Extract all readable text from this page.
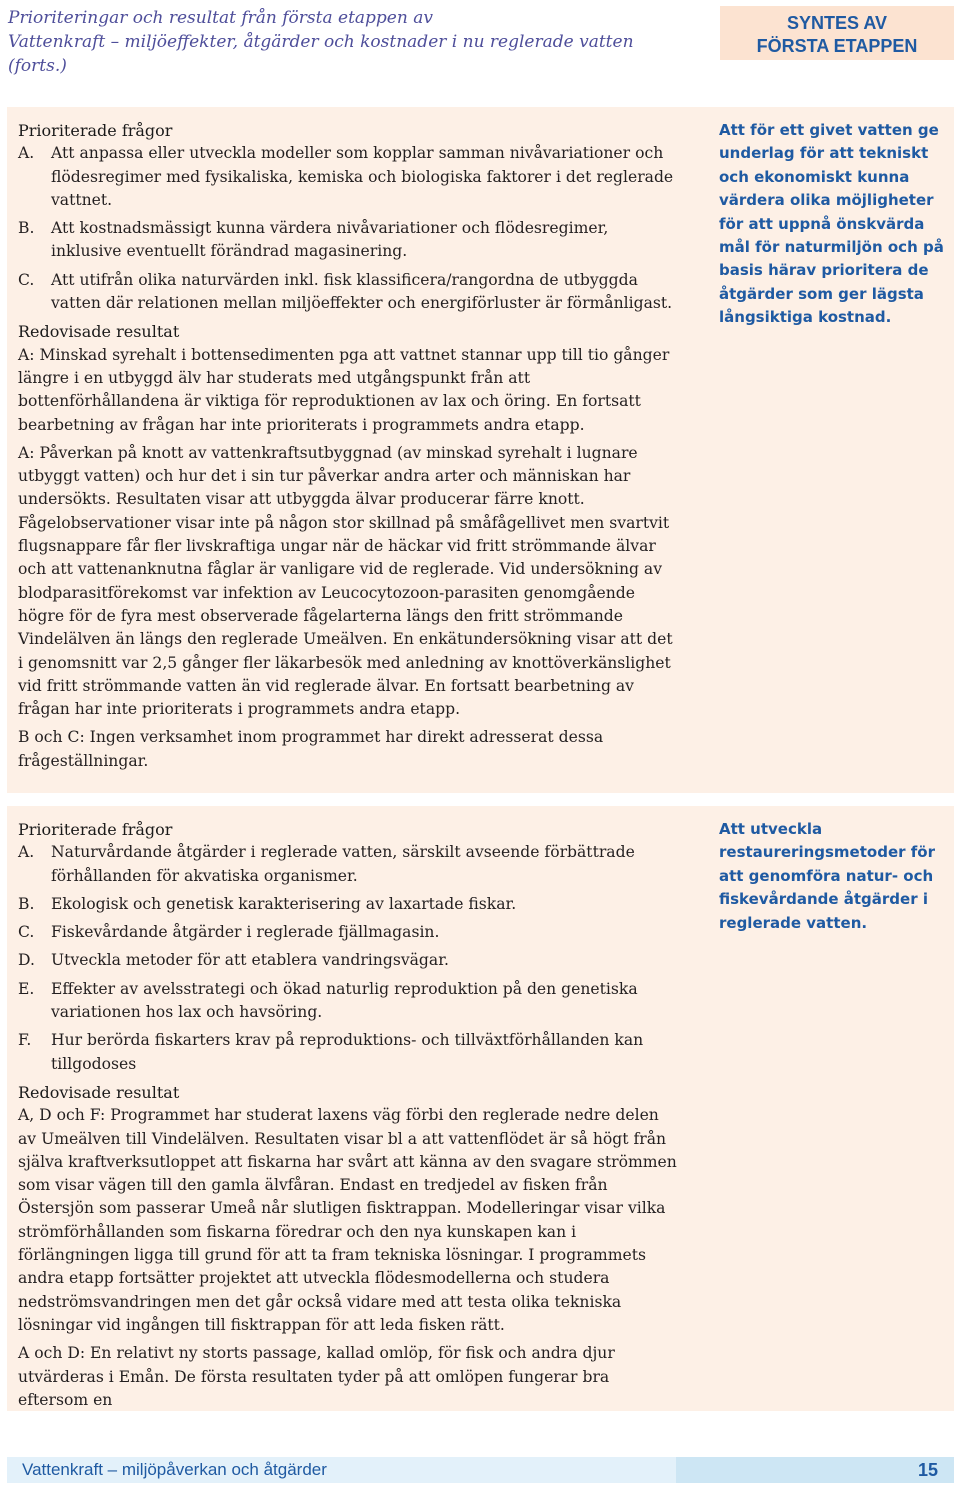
Prioriteringar och resultat från första etappen av
Vattenkraft – miljöeffekter, åtgärder och kostnader i nu reglerade vatten (forts.)
SYNTES AV
FÖRSTA ETAPPEN

Prioriterade frågor

A. Att anpassa eller utveckla modeller som kopplar samman nivåvariationer och flödesregimer med fysikaliska, kemiska och biologiska faktorer i det reglerade vattnet.

B. Att kostnadsmässigt kunna värdera nivåvariationer och flödesregimer, inklusive eventuellt förändrad magasinering.

C. Att utifrån olika naturvärden inkl. fisk klassificera/rangordna de utbyggda vatten där relationen mellan miljöeffekter och energiförluster är förmånligast.

Redovisade resultat

A: Minskad syrehalt i bottensedimenten pga att vattnet stannar upp till tio gånger längre i en utbyggd älv har studerats med utgångspunkt från att bottenförhållandena är viktiga för reproduktionen av lax och öring. En fortsatt bearbetning av frågan har inte prioriterats i programmets andra etapp.

A: Påverkan på knott av vattenkraftsutbyggnad (av minskad syrehalt i lugnare utbyggt vatten) och hur det i sin tur påverkar andra arter och människan har undersökts. Resultaten visar att utbyggda älvar producerar färre knott. Fågelobservationer visar inte på någon stor skillnad på småfågellivet men svartvit flugsnappare får fler livskraftiga ungar när de häckar vid fritt strömmande älvar och att vattenanknutna fåglar är vanligare vid de reglerade. Vid undersökning av blodparasitförekomst var infektion av Leucocytozoon-parasiten genomgående högre för de fyra mest observerade fågelarterna längs den fritt strömmande Vindelälven än längs den reglerade Umeälven. En enkätundersökning visar att det i genomsnitt var 2,5 gånger fler läkarbesök med anledning av knottöverkänslighet vid fritt strömmande vatten än vid reglerade älvar. En fortsatt bearbetning av frågan har inte prioriterats i programmets andra etapp.

B och C: Ingen verksamhet inom programmet har direkt adresserat dessa frågeställningar.

Att för ett givet vatten ge underlag för att tekniskt och ekonomiskt kunna värdera olika möjligheter för att uppnå önskvärda mål för naturmiljön och på basis härav prioritera de åtgärder som ger lägsta långsiktiga kostnad.

Prioriterade frågor

A. Naturvårdande åtgärder i reglerade vatten, särskilt avseende förbättrade förhållanden för akvatiska organismer.

B. Ekologisk och genetisk karakterisering av laxartade fiskar.

C. Fiskevårdande åtgärder i reglerade fjällmagasin.

D. Utveckla metoder för att etablera vandringsvägar.

E. Effekter av avelsstrategi och ökad naturlig reproduktion på den genetiska variationen hos lax och havsöring.

F. Hur berörda fiskarters krav på reproduktions- och tillväxtförhållanden kan tillgodoses

Redovisade resultat

A, D och F: Programmet har studerat laxens väg förbi den reglerade nedre delen av Umeälven till Vindelälven. Resultaten visar bl a att vattenflödet är så högt från själva kraftverksutloppet att fiskarna har svårt att känna av den svagare strömmen som visar vägen till den gamla älvfåran. Endast en tredjedel av fisken från Östersjön som passerar Umeå når slutligen fisktrappan. Modelleringar visar vilka strömförhållanden som fiskarna föredrar och den nya kunskapen kan i förlängningen ligga till grund för att ta fram tekniska lösningar. I programmets andra etapp fortsätter projektet att utveckla flödesmodellerna och studera nedströmsvandringen men det går också vidare med att testa olika tekniska lösningar vid ingången till fisktrappan för att leda fisken rätt.

A och D: En relativt ny storts passage, kallad omlöp, för fisk och andra djur utvärderas i Emån. De första resultaten tyder på att omlöpen fungerar bra eftersom en

Att utveckla restaureringsmetoder för att genomföra natur- och fiskevårdande åtgärder i reglerade vatten.
Vattenkraft – miljöpåverkan och åtgärder	15
